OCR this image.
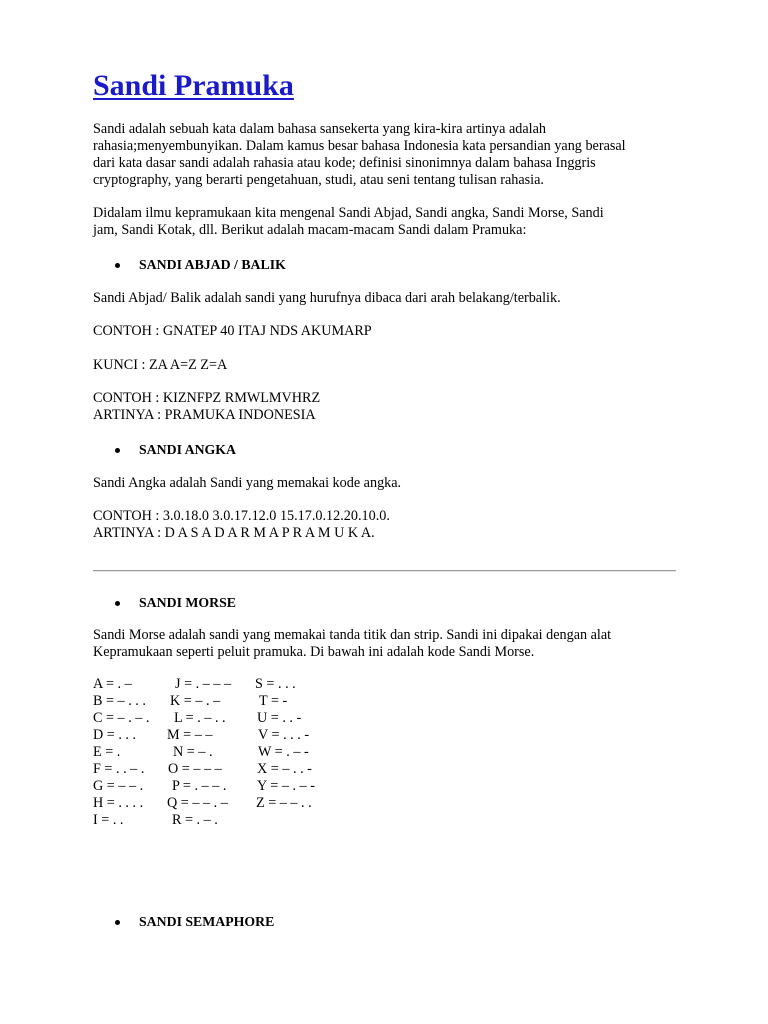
Sandi Pramuka
Sandi adalah sebuah kata dalam bahasa sansekerta yang kira-kira artinya adalah
rahasia;menyembunyikan. Dalam kamus besar bahasa Indonesia kata persandian yang berasal
dari kata dasar sandi adalah rahasia atau kode; definisi sinonimnya dalam bahasa Inggris
cryptography, yang berarti pengetahuan, studi, atau seni tentang tulisan rahasia.
Didalam ilmu kepramukaan kita mengenal Sandi Abjad, Sandi angka, Sandi Morse, Sandi
jam, Sandi Kotak, dll. Berikut adalah macam-macam Sandi dalam Pramuka:
SANDI ABJAD / BALIK
Sandi Abjad/ Balik adalah sandi yang hurufnya dibaca dari arah belakang/terbalik.
CONTOH : GNATEP 40 ITAJ NDS AKUMARP
KUNCI : ZA A=Z Z=A
CONTOH : KIZNFPZ RMWLMVHRZ
ARTINYA : PRAMUKA INDONESIA
SANDI ANGKA
Sandi Angka adalah Sandi yang memakai kode angka.
CONTOH : 3.0.18.0 3.0.17.12.0 15.17.0.12.20.10.0.
ARTINYA : D A S A D A R M A P R A M U K A.
SANDI MORSE
Sandi Morse adalah sandi yang memakai tanda titik dan strip. Sandi ini dipakai dengan alat
Kepramukaan seperti peluit pramuka. Di bawah ini adalah kode Sandi Morse.
A = . –	J = . – – – S = . . .
B = – . . . K = – . –	T = -
C = – . – . L = . – . . U = . . -
D = . . . M = – –	V = . . . -
E = .	N = – .	W = . – -
F = . . – . O = – – – X = – . . -
G = – – . P = . – – . Y = – . – -
H = . . . . Q = – – . – Z = – – . .
I = . .	R = . – .
SANDI SEMAPHORE
